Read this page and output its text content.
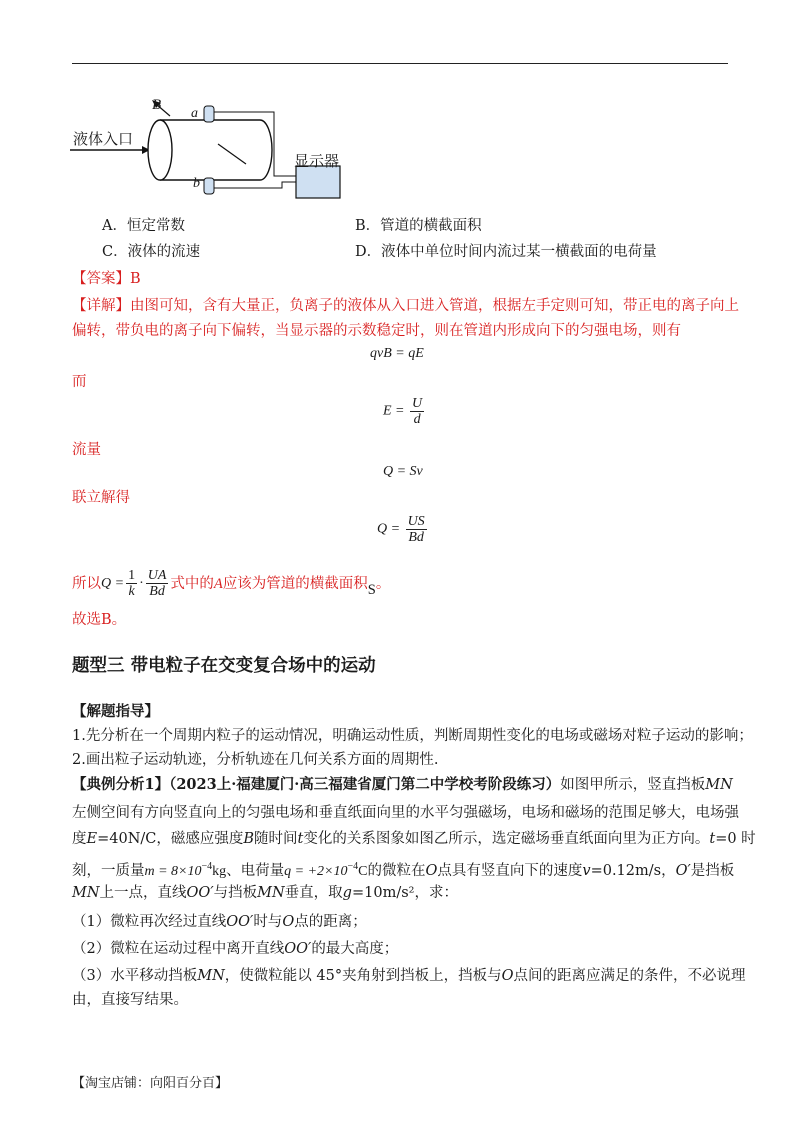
B
a
b
液体入口
显示器
A．恒定常数	B．管道的横截面积
C．液体的流速	D．液体中单位时间内流过某一横截面的电荷量
【答案】B
【详解】由图可知，含有大量正，负离子的液体从入口进入管道，根据左手定则可知，带正电的离子向上
偏转，带负电的离子向下偏转，当显示器的示数稳定时，则在管道内形成向下的匀强电场，则有
qvB = qE
而
$E = \frac{U}{d}$
流量
Q = Sv
联立解得
$Q = \frac{US}{Bd}$
所以 $Q = \frac{1}{k} \cdot \frac{UA}{Bd}$ 式中的 A 应该为管道的横截面积 S 。
故选B。
题型三 带电粒子在交变复合场中的运动
【解题指导】
1.先分析在一个周期内粒子的运动情况，明确运动性质，判断周期性变化的电场或磁场对粒子运动的影响；
2.画出粒子运动轨迹，分析轨迹在几何关系方面的周期性.
【典例分析1】（2023上·福建厦门·高三福建省厦门第二中学校考阶段练习）如图甲所示，竖直挡板MN
左侧空间有方向竖直向上的匀强电场和垂直纸面向里的水平匀强磁场，电场和磁场的范围足够大，电场强
度E=40N/C，磁感应强度B随时间t变化的关系图象如图乙所示，选定磁场垂直纸面向里为正方向。t=0 时
刻，一质量$m = 8\times 10^{-4}kg$、电荷量$q = +2\times 10^{-4}C$的微粒在O点具有竖直向下的速度v=0.12m/s，O′是挡板
MN上一点，直线OO′与挡板MN垂直，取g=10m/s²，求：
（1）微粒再次经过直线OO′时与O点的距离；
（2）微粒在运动过程中离开直线OO′的最大高度；
（3）水平移动挡板MN，使微粒能以 45°夹角射到挡板上，挡板与O点间的距离应满足的条件，不必说理
由，直接写结果。
【淘宝店铺：向阳百分百】
